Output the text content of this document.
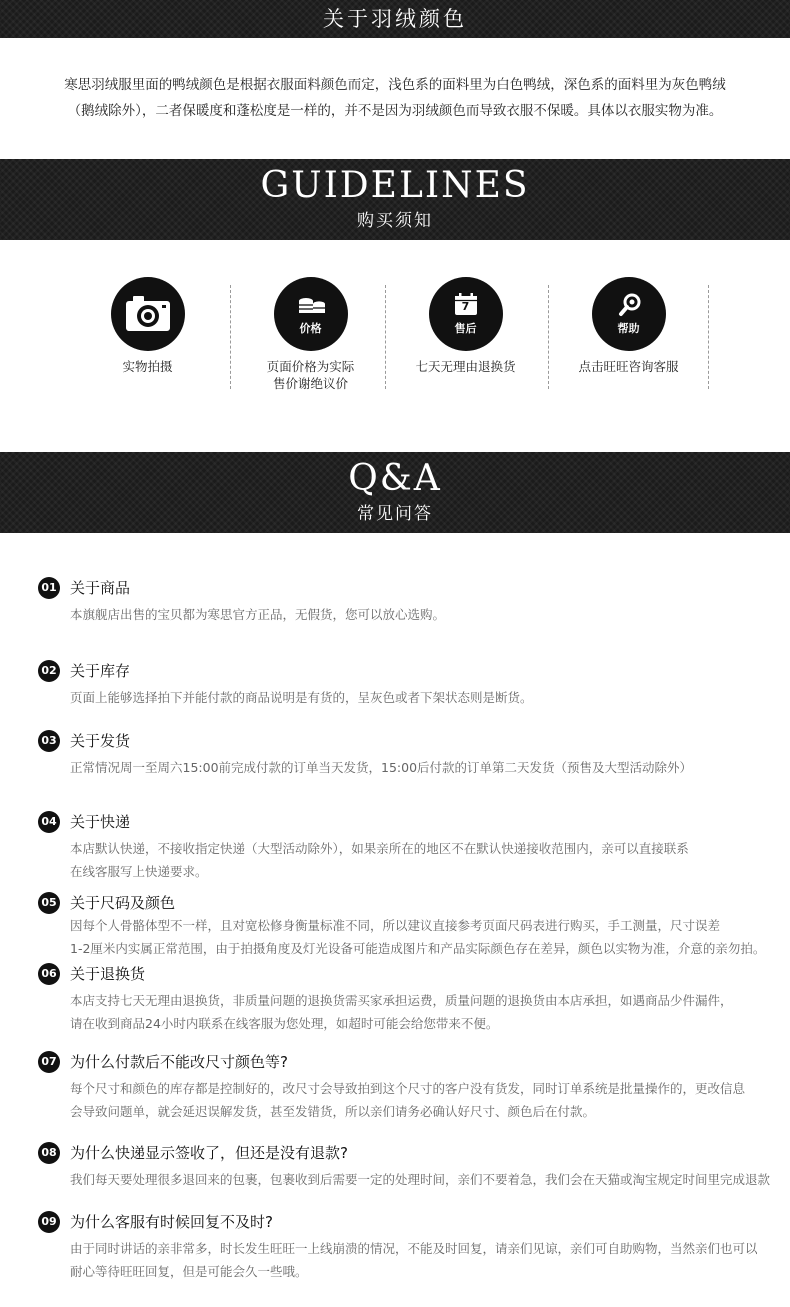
关于羽绒颜色
寒思羽绒服里面的鸭绒颜色是根据衣服面料颜色而定，浅色系的面料里为白色鸭绒，深色系的面料里为灰色鸭绒
（鹅绒除外），二者保暖度和蓬松度是一样的，并不是因为羽绒颜色而导致衣服不保暖。具体以衣服实物为准。
GUIDELINES
购买须知
实物拍摄
价格
页面价格为实际
售价谢绝议价
7
售后
七天无理由退换货
帮助
点击旺旺咨询客服
Q&A
常见问答
01 关于商品
本旗舰店出售的宝贝都为寒思官方正品，无假货，您可以放心选购。
02 关于库存
页面上能够选择拍下并能付款的商品说明是有货的，呈灰色或者下架状态则是断货。
03 关于发货
正常情况周一至周六15:00前完成付款的订单当天发货，15:00后付款的订单第二天发货（预售及大型活动除外）
04 关于快递
本店默认快递，不接收指定快递（大型活动除外），如果亲所在的地区不在默认快递接收范围内，亲可以直接联系
在线客服写上快递要求。
05 关于尺码及颜色
因每个人骨骼体型不一样，且对宽松修身衡量标准不同，所以建议直接参考页面尺码表进行购买，手工测量，尺寸误差
1-2厘米内实属正常范围，由于拍摄角度及灯光设备可能造成图片和产品实际颜色存在差异，颜色以实物为准，介意的亲勿拍。
06 关于退换货
本店支持七天无理由退换货，非质量问题的退换货需买家承担运费，质量问题的退换货由本店承担，如遇商品少件漏件，
请在收到商品24小时内联系在线客服为您处理，如超时可能会给您带来不便。
07 为什么付款后不能改尺寸颜色等?
每个尺寸和颜色的库存都是控制好的，改尺寸会导致拍到这个尺寸的客户没有货发，同时订单系统是批量操作的，更改信息
会导致问题单，就会延迟误解发货，甚至发错货，所以亲们请务必确认好尺寸、颜色后在付款。
08 为什么快递显示签收了，但还是没有退款?
我们每天要处理很多退回来的包裹，包裹收到后需要一定的处理时间，亲们不要着急，我们会在天猫或淘宝规定时间里完成退款
09 为什么客服有时候回复不及时?
由于同时讲话的亲非常多，时长发生旺旺一上线崩溃的情况，不能及时回复，请亲们见谅，亲们可自助购物，当然亲们也可以
耐心等待旺旺回复，但是可能会久一些哦。
